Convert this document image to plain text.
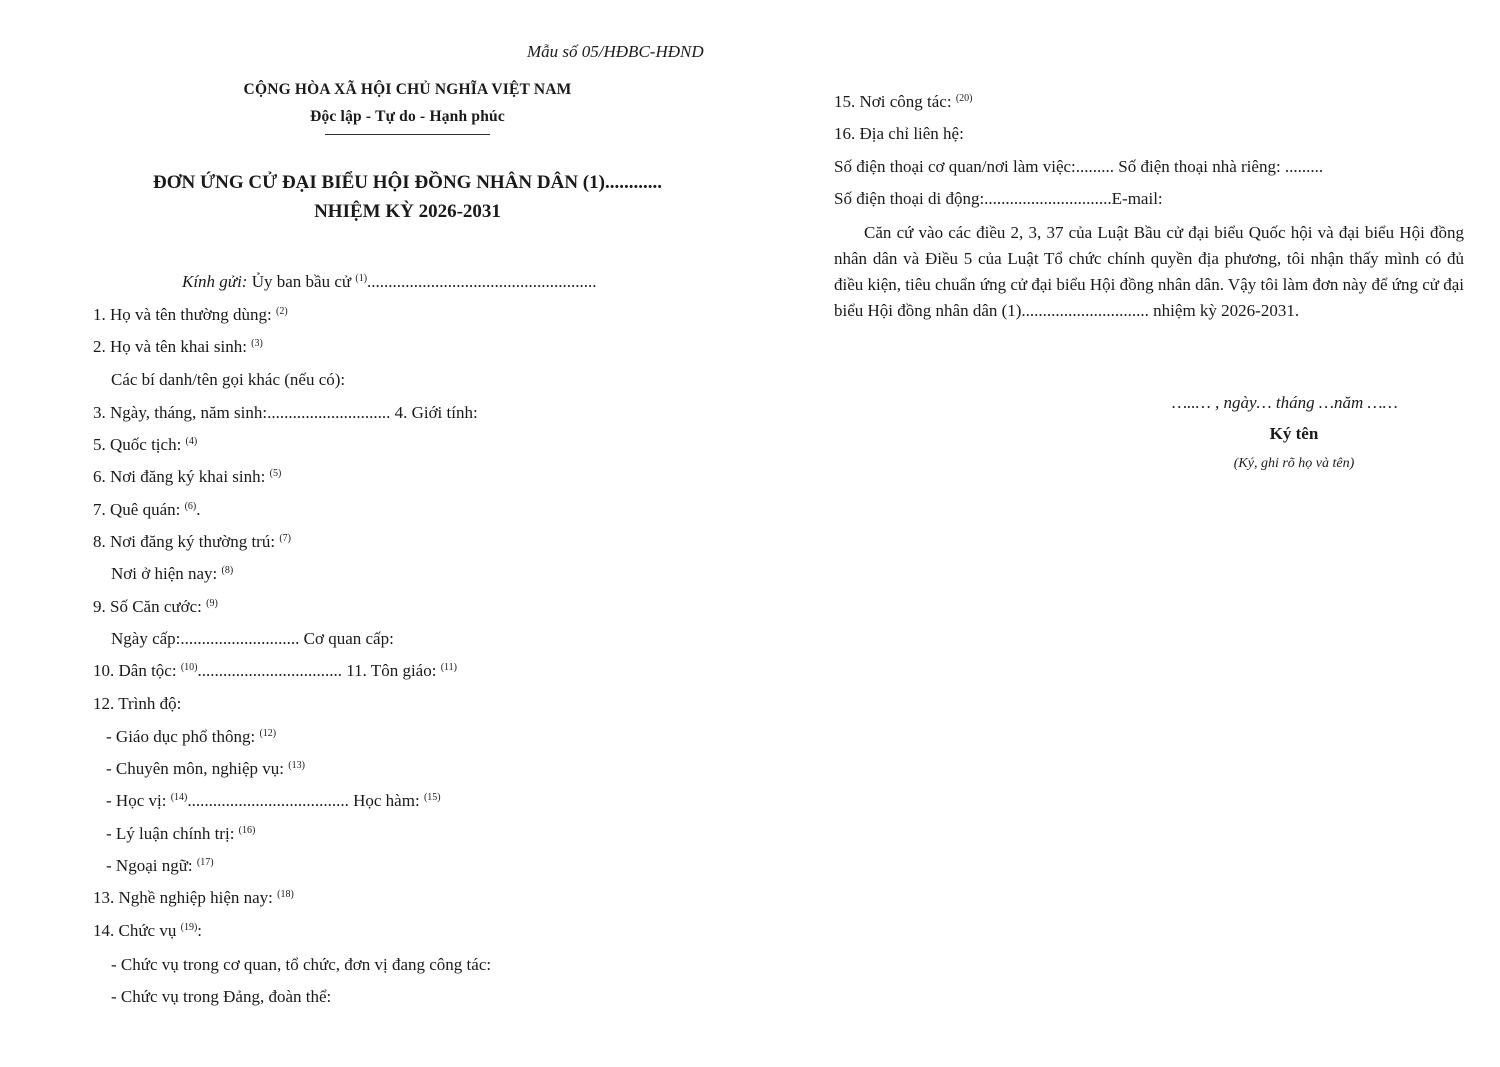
Mẫu số 05/HĐBC-HĐND
CỘNG HÒA XÃ HỘI CHỦ NGHĨA VIỆT NAM
Độc lập - Tự do - Hạnh phúc
ĐƠN ỨNG CỬ ĐẠI BIỂU HỘI ĐỒNG NHÂN DÂN (1)............
NHIỆM KỲ 2026-2031
Kính gửi: Ủy ban bầu cử $^{(1)}$......................................................
1. Họ và tên thường dùng: $^{(2)}$
2. Họ và tên khai sinh: $^{(3)}$
Các bí danh/tên gọi khác (nếu có):
3. Ngày, tháng, năm sinh:............................. 4. Giới tính:
5. Quốc tịch: $^{(4)}$
6. Nơi đăng ký khai sinh: $^{(5)}$
7. Quê quán: $^{(6)}$.
8. Nơi đăng ký thường trú: $^{(7)}$
Nơi ở hiện nay: $^{(8)}$
9. Số Căn cước: $^{(9)}$
Ngày cấp:............................ Cơ quan cấp:
10. Dân tộc: $^{(10)}$.................................. 11. Tôn giáo: $^{(11)}$
12. Trình độ:
- Giáo dục phổ thông: $^{(12)}$
- Chuyên môn, nghiệp vụ: $^{(13)}$
- Học vị: $^{(14)}$...................................... Học hàm: $^{(15)}$
- Lý luận chính trị: $^{(16)}$
- Ngoại ngữ: $^{(17)}$
13. Nghề nghiệp hiện nay: $^{(18)}$
14. Chức vụ $^{(19)}$:
- Chức vụ trong cơ quan, tổ chức, đơn vị đang công tác:
- Chức vụ trong Đảng, đoàn thể:
15. Nơi công tác: $^{(20)}$
16. Địa chỉ liên hệ:
Số điện thoại cơ quan/nơi làm việc:......... Số điện thoại nhà riêng: .........
Số điện thoại di động:..............................E-mail:
Căn cứ vào các điều 2, 3, 37 của Luật Bầu cử đại biểu Quốc hội và đại biểu Hội đồng nhân dân và Điều 5 của Luật Tổ chức chính quyền địa phương, tôi nhận thấy mình có đủ điều kiện, tiêu chuẩn ứng cử đại biểu Hội đồng nhân dân. Vậy tôi làm đơn này để ứng cử đại biểu Hội đồng nhân dân (1).............................. nhiệm kỳ 2026-2031.
…..… , ngày… tháng …năm ……
Ký tên
(Ký, ghi rõ họ và tên)
